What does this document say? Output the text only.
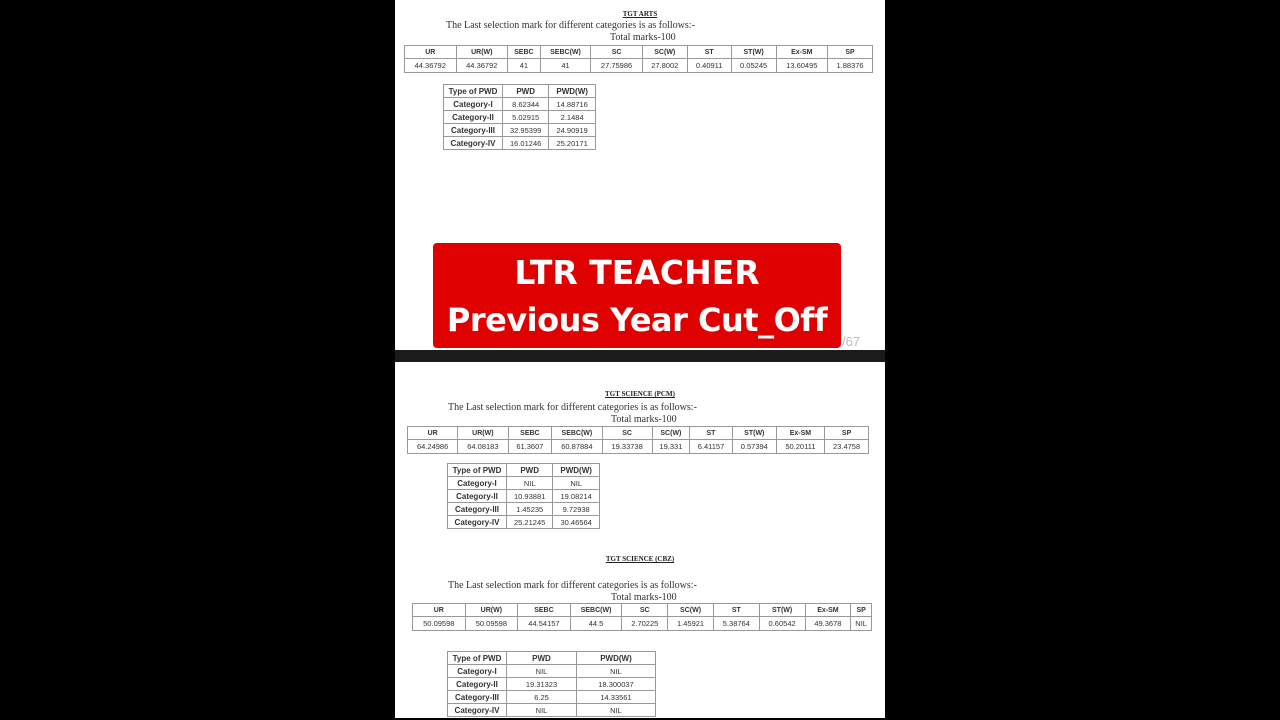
TGT ARTS
The Last selection mark for different categories is as follows:-
Total marks-100
UR	UR(W)	SEBC	SEBC(W)	SC	SC(W)	ST	ST(W)	Ex-SM	SP
44.36792	44.36792	41	41	27.75986	27.8002	0.40911	0.05245	13.60495	1.88376
Type of PWD	PWD	PWD(W)
Category-I	8.62344	14.88716
Category-II	5.02915	2.1484
Category-III	32.95399	24.90919
Category-IV	16.01246	25.20171
/67
LTR TEACHER
Previous Year Cut_Off
TGT SCIENCE (PCM)
The Last selection mark for different categories is as follows:-
Total marks-100
UR	UR(W)	SEBC	SEBC(W)	SC	SC(W)	ST	ST(W)	Ex-SM	SP
64.24986	64.08183	61.3607	60.87884	19.33738	19.331	6.41157	0.57394	50.20111	23.4758
Type of PWD	PWD	PWD(W)
Category-I	NIL	NIL
Category-II	10.93881	19.08214
Category-III	1.45235	9.72938
Category-IV	25.21245	30.46564
TGT SCIENCE (CBZ)
The Last selection mark for different categories is as follows:-
Total marks-100
UR	UR(W)	SEBC	SEBC(W)	SC	SC(W)	ST	ST(W)	Ex-SM	SP
50.09598	50.09598	44.54157	44.5	2.70225	1.45921	5.38764	0.60542	49.3678	NIL
Type of PWD	PWD	PWD(W)
Category-I	NIL	NIL
Category-II	19.31323	18.300037
Category-III	6.25	14.33561
Category-IV	NIL	NIL
